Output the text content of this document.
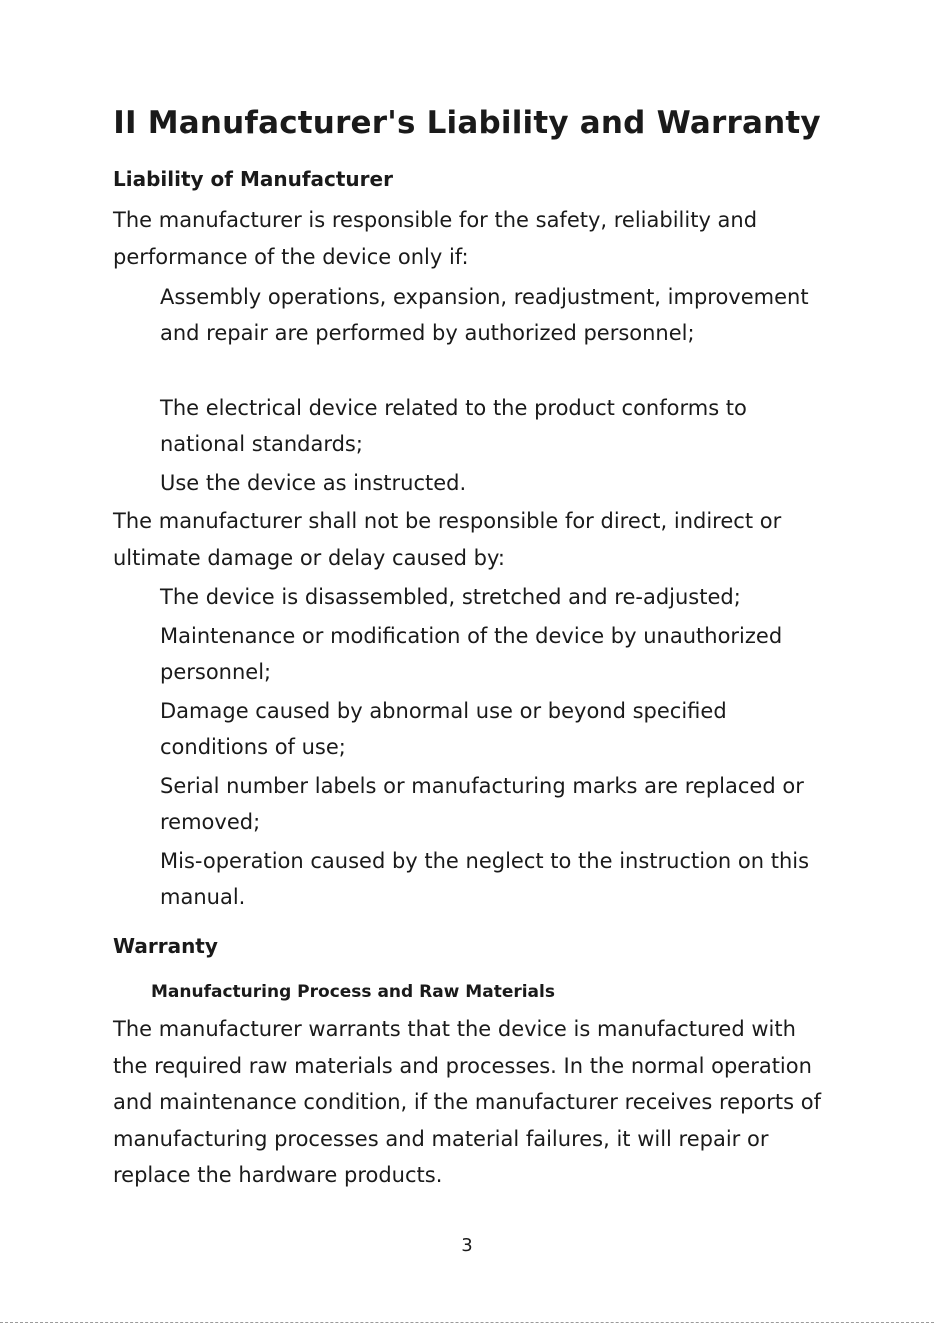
II Manufacturer's Liability and Warranty
Liability of Manufacturer

The manufacturer is responsible for the safety, reliability and performance of the device only if:

Assembly operations, expansion, readjustment, improvement and repair are performed by authorized personnel;

The electrical device related to the product conforms to national standards;

Use the device as instructed.

The manufacturer shall not be responsible for direct, indirect or ultimate damage or delay caused by:

The device is disassembled, stretched and re-adjusted;

Maintenance or modification of the device by unauthorized personnel;

Damage caused by abnormal use or beyond specified conditions of use;

Serial number labels or manufacturing marks are replaced or removed;

Mis-operation caused by the neglect to the instruction on this manual.

Warranty
Manufacturing Process and Raw Materials

The manufacturer warrants that the device is manufactured with the required raw materials and processes. In the normal operation and maintenance condition, if the manufacturer receives reports of manufacturing processes and material failures, it will repair or replace the hardware products.

3
